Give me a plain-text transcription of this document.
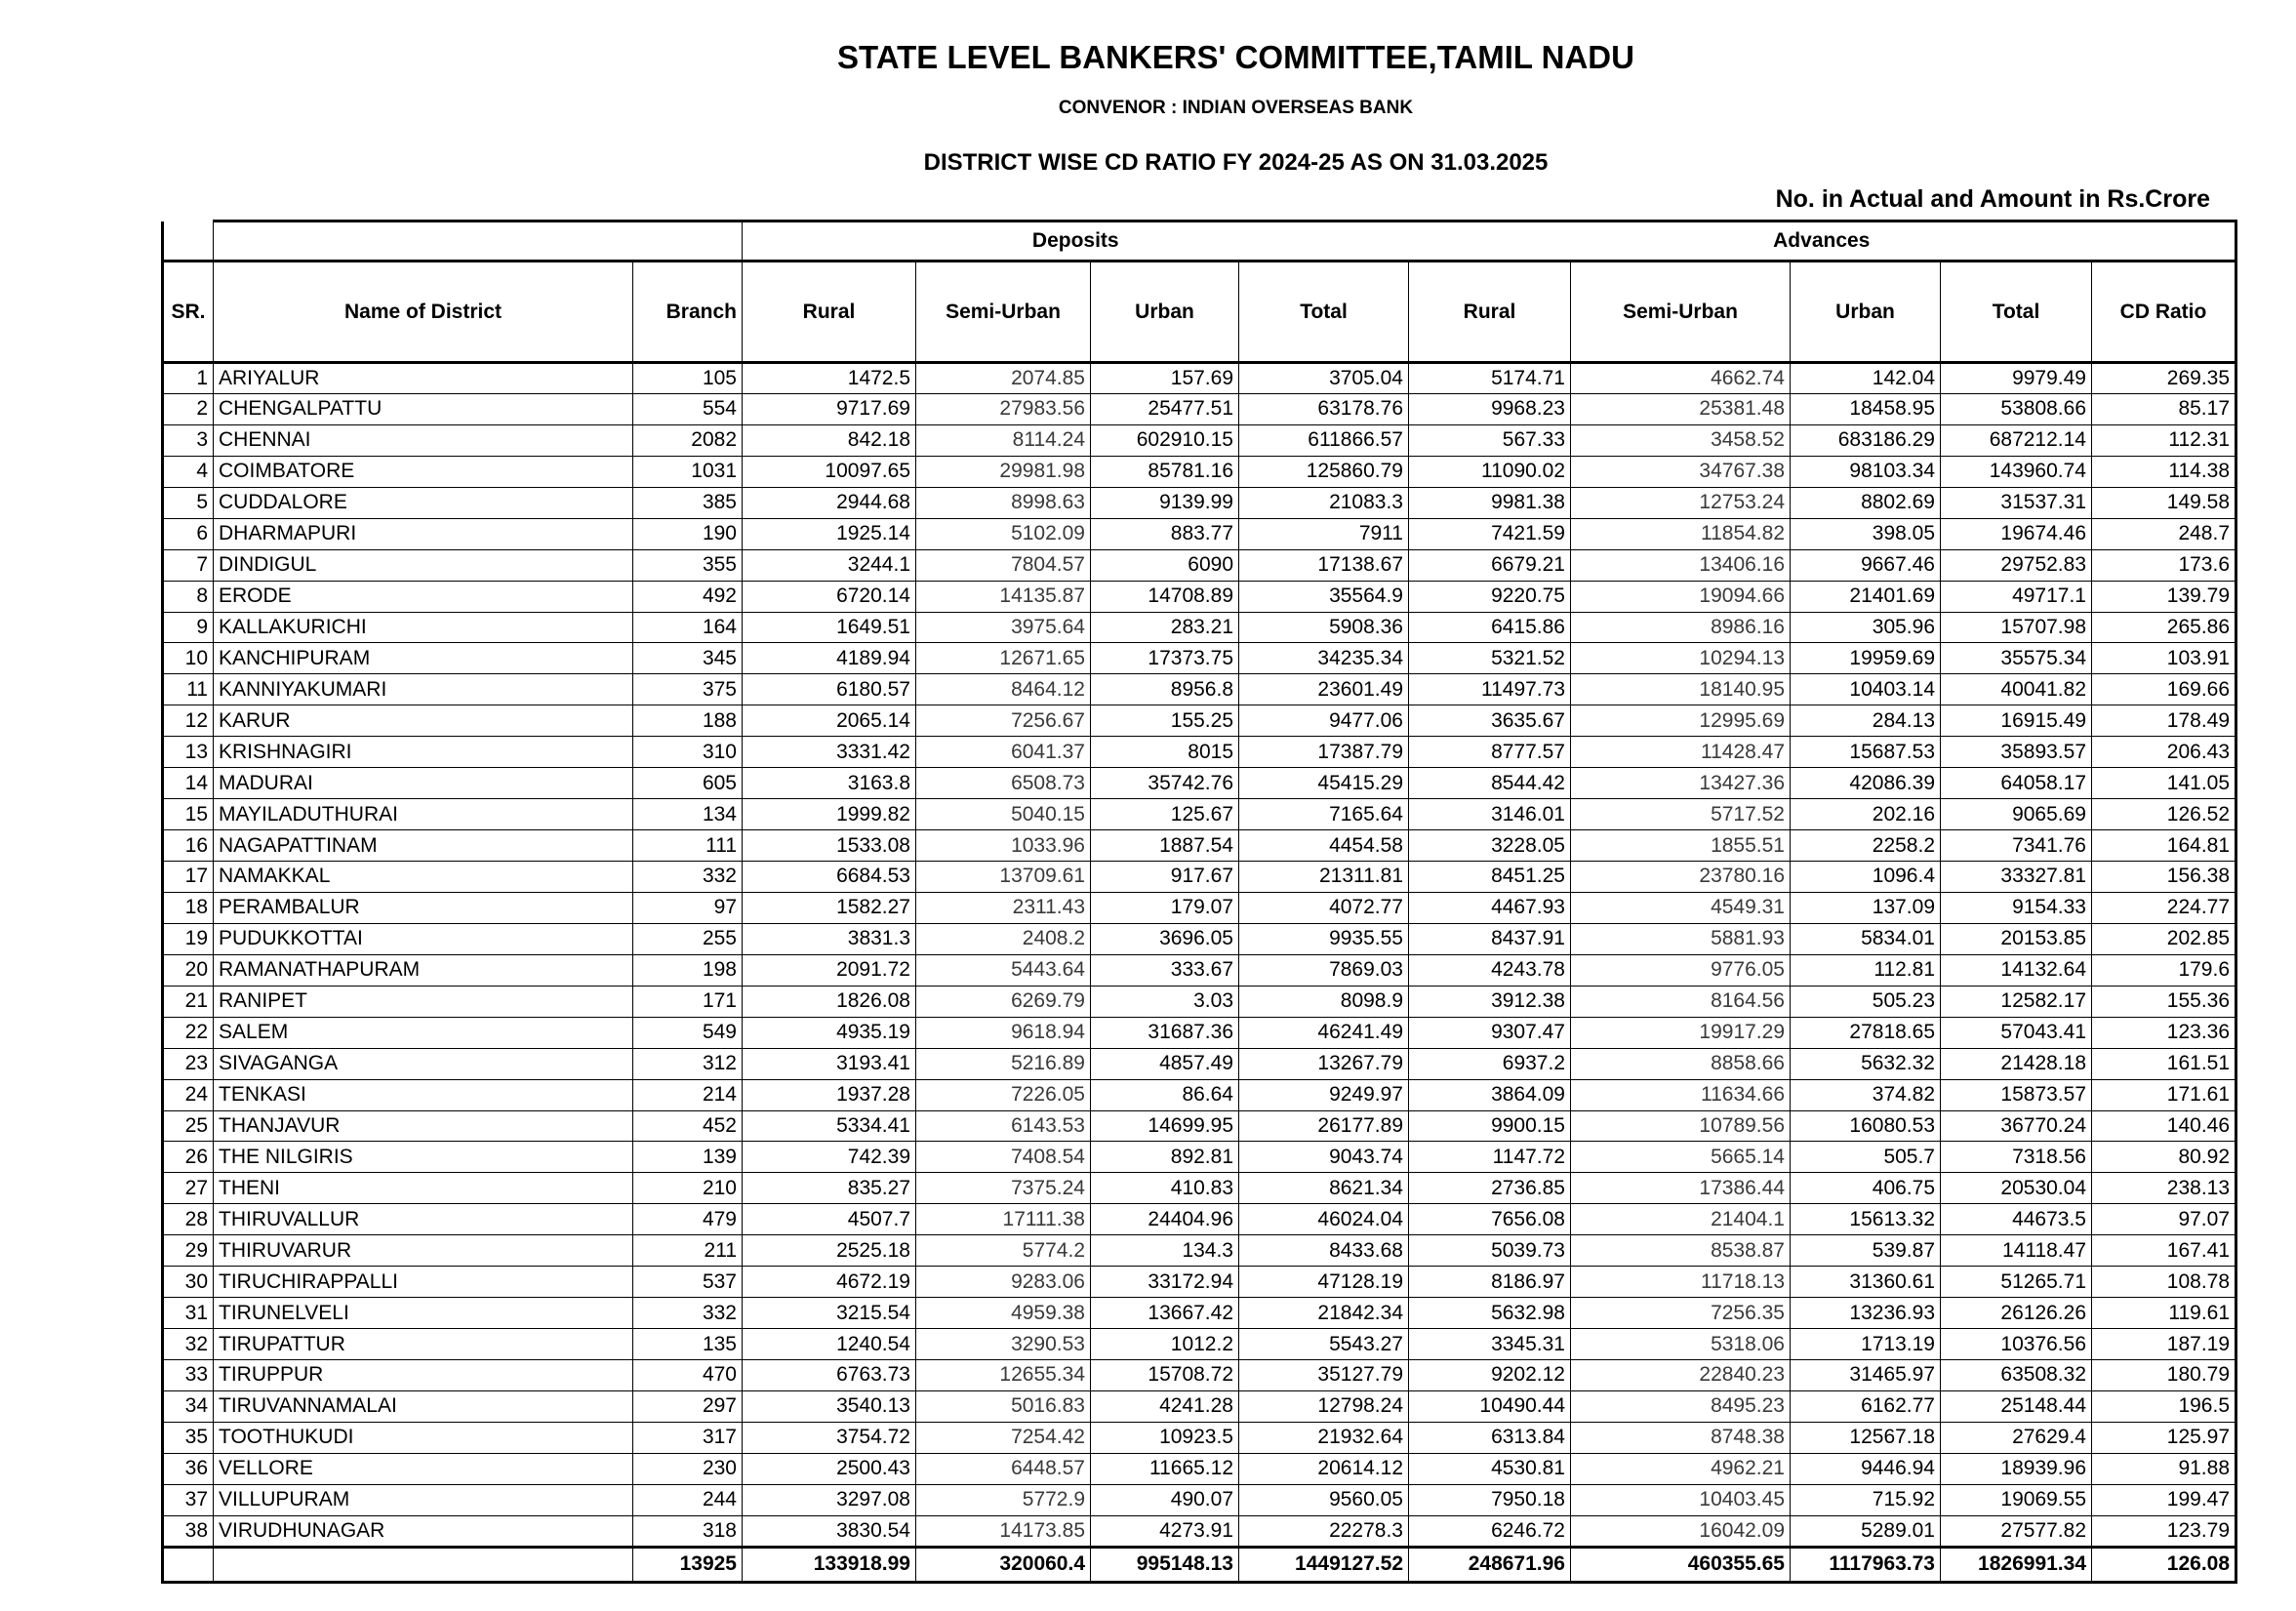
STATE LEVEL BANKERS' COMMITTEE,TAMIL NADU
CONVENOR : INDIAN OVERSEAS BANK
DISTRICT WISE CD RATIO FY 2024-25 AS ON 31.03.2025
No. in Actual and Amount in Rs.Crore
			Deposits				Advances				
SR.	Name of District	Branch	Rural	Semi-Urban	Urban	Total	Rural	Semi-Urban	Urban	Total	CD Ratio
1	ARIYALUR	105	1472.5	2074.85	157.69	3705.04	5174.71	4662.74	142.04	9979.49	269.35
2	CHENGALPATTU	554	9717.69	27983.56	25477.51	63178.76	9968.23	25381.48	18458.95	53808.66	85.17
3	CHENNAI	2082	842.18	8114.24	602910.15	611866.57	567.33	3458.52	683186.29	687212.14	112.31
4	COIMBATORE	1031	10097.65	29981.98	85781.16	125860.79	11090.02	34767.38	98103.34	143960.74	114.38
5	CUDDALORE	385	2944.68	8998.63	9139.99	21083.3	9981.38	12753.24	8802.69	31537.31	149.58
6	DHARMAPURI	190	1925.14	5102.09	883.77	7911	7421.59	11854.82	398.05	19674.46	248.7
7	DINDIGUL	355	3244.1	7804.57	6090	17138.67	6679.21	13406.16	9667.46	29752.83	173.6
8	ERODE	492	6720.14	14135.87	14708.89	35564.9	9220.75	19094.66	21401.69	49717.1	139.79
9	KALLAKURICHI	164	1649.51	3975.64	283.21	5908.36	6415.86	8986.16	305.96	15707.98	265.86
10	KANCHIPURAM	345	4189.94	12671.65	17373.75	34235.34	5321.52	10294.13	19959.69	35575.34	103.91
11	KANNIYAKUMARI	375	6180.57	8464.12	8956.8	23601.49	11497.73	18140.95	10403.14	40041.82	169.66
12	KARUR	188	2065.14	7256.67	155.25	9477.06	3635.67	12995.69	284.13	16915.49	178.49
13	KRISHNAGIRI	310	3331.42	6041.37	8015	17387.79	8777.57	11428.47	15687.53	35893.57	206.43
14	MADURAI	605	3163.8	6508.73	35742.76	45415.29	8544.42	13427.36	42086.39	64058.17	141.05
15	MAYILADUTHURAI	134	1999.82	5040.15	125.67	7165.64	3146.01	5717.52	202.16	9065.69	126.52
16	NAGAPATTINAM	111	1533.08	1033.96	1887.54	4454.58	3228.05	1855.51	2258.2	7341.76	164.81
17	NAMAKKAL	332	6684.53	13709.61	917.67	21311.81	8451.25	23780.16	1096.4	33327.81	156.38
18	PERAMBALUR	97	1582.27	2311.43	179.07	4072.77	4467.93	4549.31	137.09	9154.33	224.77
19	PUDUKKOTTAI	255	3831.3	2408.2	3696.05	9935.55	8437.91	5881.93	5834.01	20153.85	202.85
20	RAMANATHAPURAM	198	2091.72	5443.64	333.67	7869.03	4243.78	9776.05	112.81	14132.64	179.6
21	RANIPET	171	1826.08	6269.79	3.03	8098.9	3912.38	8164.56	505.23	12582.17	155.36
22	SALEM	549	4935.19	9618.94	31687.36	46241.49	9307.47	19917.29	27818.65	57043.41	123.36
23	SIVAGANGA	312	3193.41	5216.89	4857.49	13267.79	6937.2	8858.66	5632.32	21428.18	161.51
24	TENKASI	214	1937.28	7226.05	86.64	9249.97	3864.09	11634.66	374.82	15873.57	171.61
25	THANJAVUR	452	5334.41	6143.53	14699.95	26177.89	9900.15	10789.56	16080.53	36770.24	140.46
26	THE NILGIRIS	139	742.39	7408.54	892.81	9043.74	1147.72	5665.14	505.7	7318.56	80.92
27	THENI	210	835.27	7375.24	410.83	8621.34	2736.85	17386.44	406.75	20530.04	238.13
28	THIRUVALLUR	479	4507.7	17111.38	24404.96	46024.04	7656.08	21404.1	15613.32	44673.5	97.07
29	THIRUVARUR	211	2525.18	5774.2	134.3	8433.68	5039.73	8538.87	539.87	14118.47	167.41
30	TIRUCHIRAPPALLI	537	4672.19	9283.06	33172.94	47128.19	8186.97	11718.13	31360.61	51265.71	108.78
31	TIRUNELVELI	332	3215.54	4959.38	13667.42	21842.34	5632.98	7256.35	13236.93	26126.26	119.61
32	TIRUPATTUR	135	1240.54	3290.53	1012.2	5543.27	3345.31	5318.06	1713.19	10376.56	187.19
33	TIRUPPUR	470	6763.73	12655.34	15708.72	35127.79	9202.12	22840.23	31465.97	63508.32	180.79
34	TIRUVANNAMALAI	297	3540.13	5016.83	4241.28	12798.24	10490.44	8495.23	6162.77	25148.44	196.5
35	TOOTHUKUDI	317	3754.72	7254.42	10923.5	21932.64	6313.84	8748.38	12567.18	27629.4	125.97
36	VELLORE	230	2500.43	6448.57	11665.12	20614.12	4530.81	4962.21	9446.94	18939.96	91.88
37	VILLUPURAM	244	3297.08	5772.9	490.07	9560.05	7950.18	10403.45	715.92	19069.55	199.47
38	VIRUDHUNAGAR	318	3830.54	14173.85	4273.91	22278.3	6246.72	16042.09	5289.01	27577.82	123.79
		13925	133918.99	320060.4	995148.13	1449127.52	248671.96	460355.65	1117963.73	1826991.34	126.08
